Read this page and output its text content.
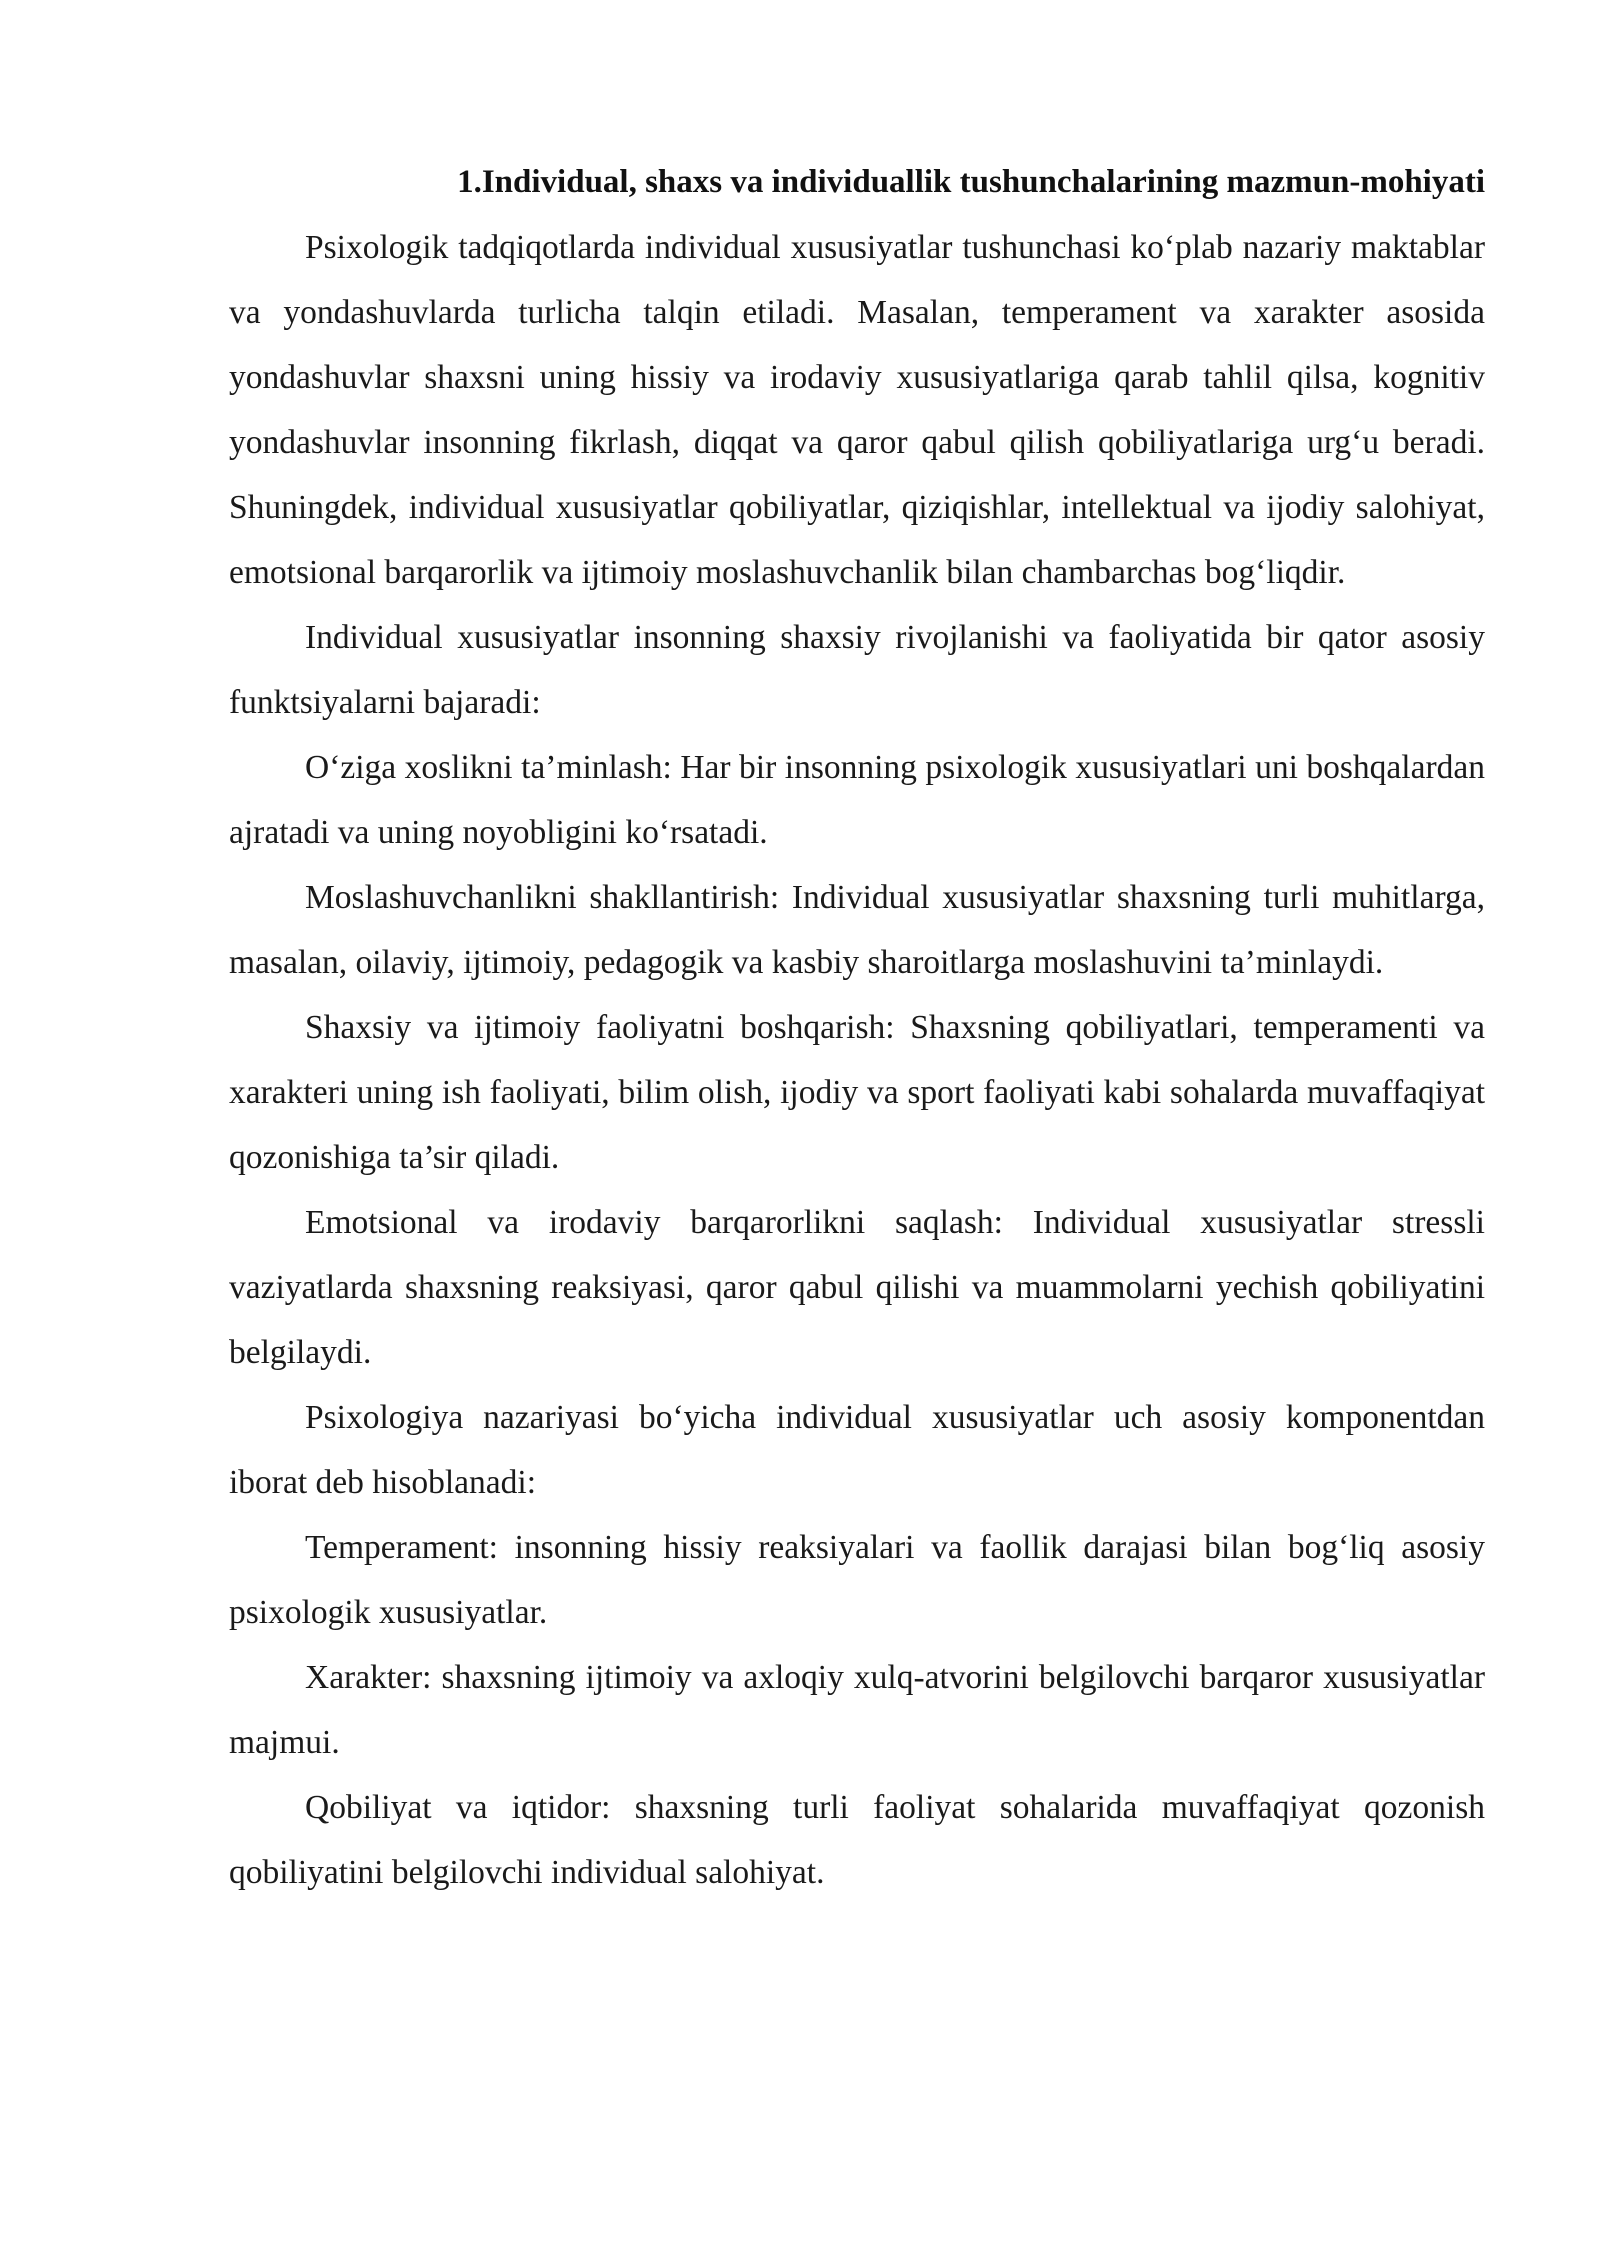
1.Individual, shaxs va individuallik tushunchalarining mazmun-mohiyati

Psixologik tadqiqotlarda individual xususiyatlar tushunchasi ko‘plab nazariy maktablar va yondashuvlarda turlicha talqin etiladi. Masalan, temperament va xarakter asosida yondashuvlar shaxsni uning hissiy va irodaviy xususiyatlariga qarab tahlil qilsa, kognitiv yondashuvlar insonning fikrlash, diqqat va qaror qabul qilish qobiliyatlariga urg‘u beradi. Shuningdek, individual xususiyatlar qobiliyatlar, qiziqishlar, intellektual va ijodiy salohiyat, emotsional barqarorlik va ijtimoiy moslashuvchanlik bilan chambarchas bog‘liqdir.

Individual xususiyatlar insonning shaxsiy rivojlanishi va faoliyatida bir qator asosiy funktsiyalarni bajaradi:

O‘ziga xoslikni ta’minlash: Har bir insonning psixologik xususiyatlari uni boshqalardan ajratadi va uning noyobligini ko‘rsatadi.

Moslashuvchanlikni shakllantirish: Individual xususiyatlar shaxsning turli muhitlarga, masalan, oilaviy, ijtimoiy, pedagogik va kasbiy sharoitlarga moslashuvini ta’minlaydi.

Shaxsiy va ijtimoiy faoliyatni boshqarish: Shaxsning qobiliyatlari, temperamenti va xarakteri uning ish faoliyati, bilim olish, ijodiy va sport faoliyati kabi sohalarda muvaffaqiyat qozonishiga ta’sir qiladi.

Emotsional va irodaviy barqarorlikni saqlash: Individual xususiyatlar stressli vaziyatlarda shaxsning reaksiyasi, qaror qabul qilishi va muammolarni yechish qobiliyatini belgilaydi.

Psixologiya nazariyasi bo‘yicha individual xususiyatlar uch asosiy komponentdan iborat deb hisoblanadi:

Temperament: insonning hissiy reaksiyalari va faollik darajasi bilan bog‘liq asosiy psixologik xususiyatlar.

Xarakter: shaxsning ijtimoiy va axloqiy xulq-atvorini belgilovchi barqaror xususiyatlar majmui.

Qobiliyat va iqtidor: shaxsning turli faoliyat sohalarida muvaffaqiyat qozonish qobiliyatini belgilovchi individual salohiyat.
